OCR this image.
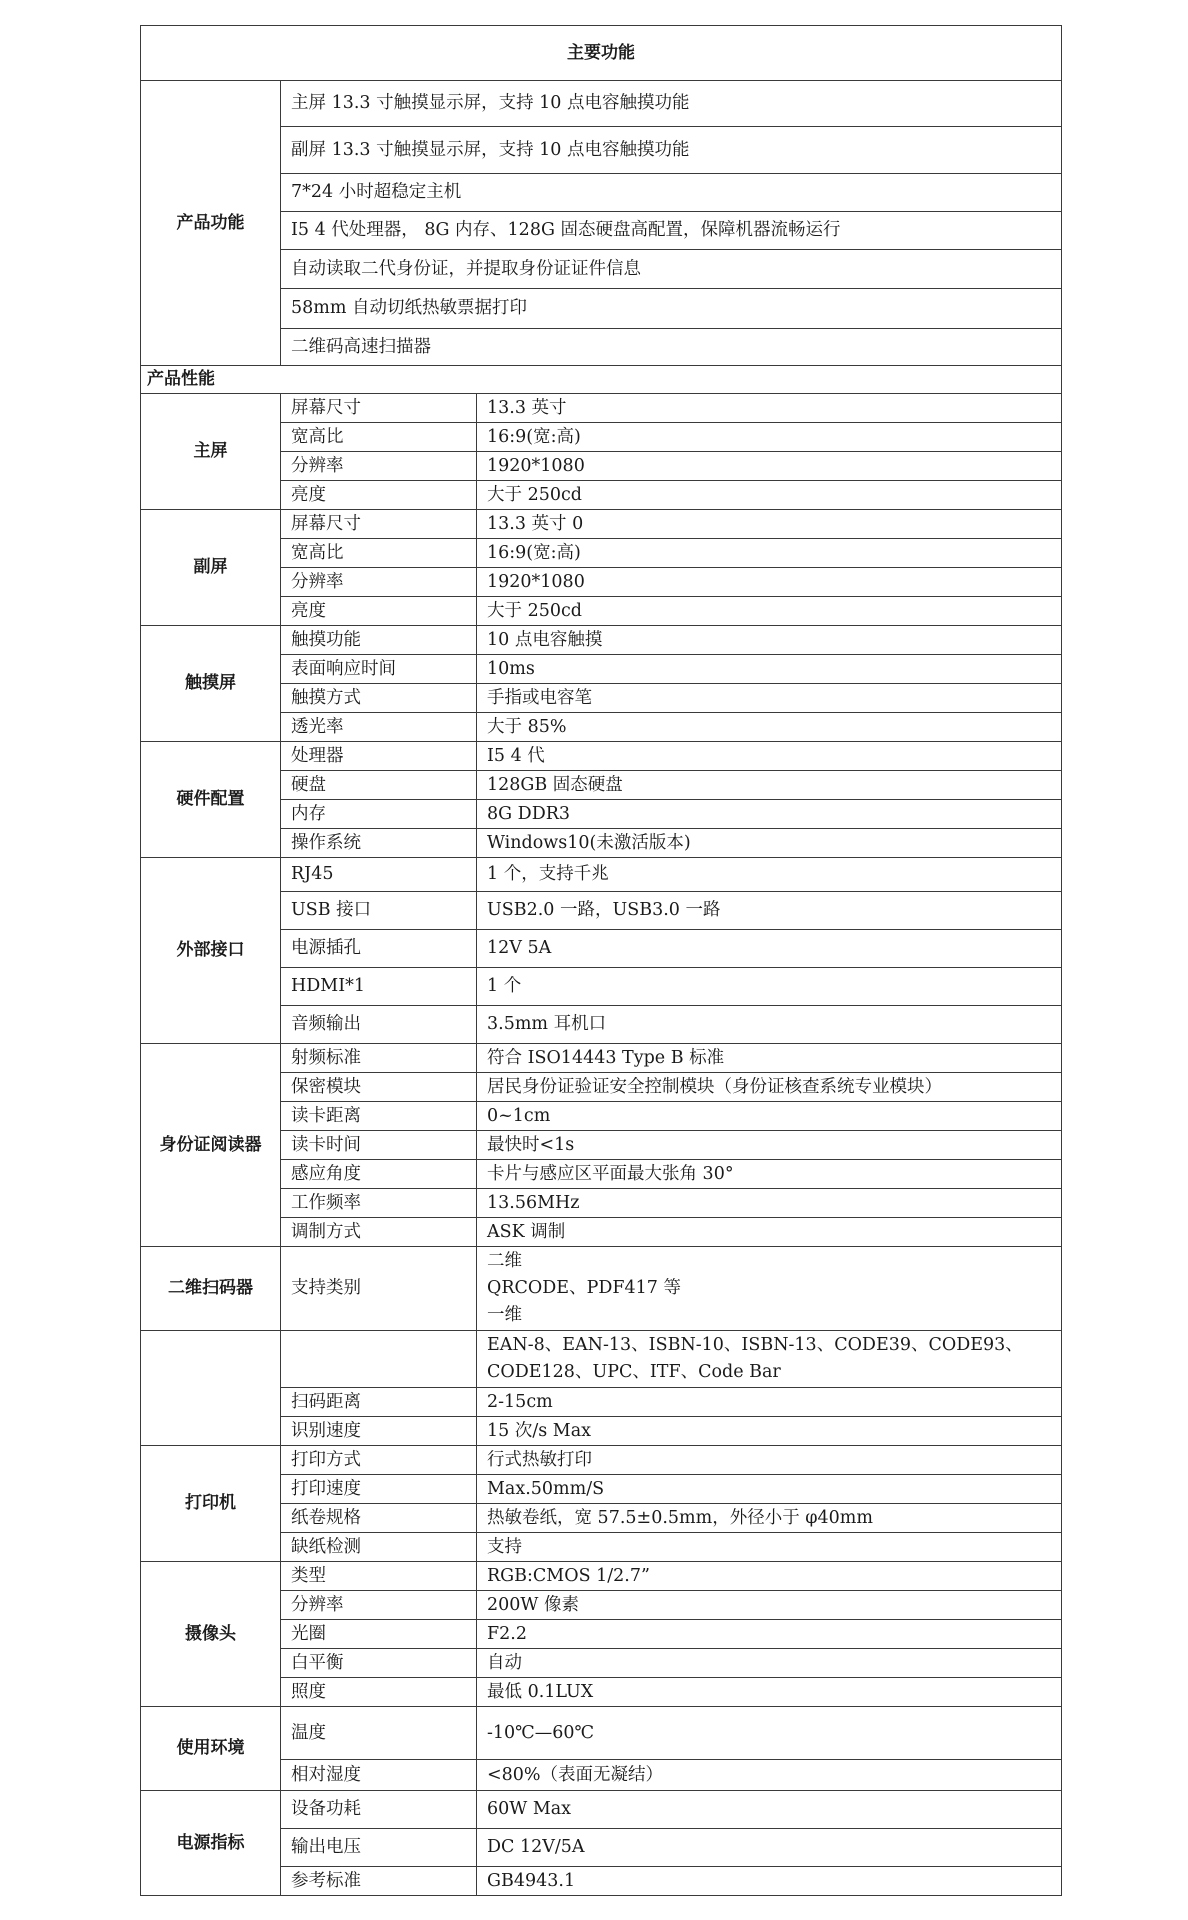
主要功能		
产品功能	主屏 13.3 寸触摸显示屏，支持 10 点电容触摸功能	
	副屏 13.3 寸触摸显示屏，支持 10 点电容触摸功能	
	7*24 小时超稳定主机	
	I5 4 代处理器， 8G 内存、128G 固态硬盘高配置，保障机器流畅运行	
	自动读取二代身份证，并提取身份证证件信息	
	58mm 自动切纸热敏票据打印	
	二维码高速扫描器	
产品性能		
主屏	屏幕尺寸	13.3 英寸
	宽高比	16:9(宽:高)
	分辨率	1920*1080
	亮度	大于 250cd
副屏	屏幕尺寸	13.3 英寸 0
	宽高比	16:9(宽:高)
	分辨率	1920*1080
	亮度	大于 250cd
触摸屏	触摸功能	10 点电容触摸
	表面响应时间	10ms
	触摸方式	手指或电容笔
	透光率	大于 85%
硬件配置	处理器	I5 4 代
	硬盘	128GB 固态硬盘
	内存	8G DDR3
	操作系统	Windows10(未激活版本)
外部接口	RJ45	1 个，支持千兆
	USB 接口	USB2.0 一路，USB3.0 一路
	电源插孔	12V 5A
	HDMI*1	1 个
	音频输出	3.5mm 耳机口
身份证阅读器	射频标准	符合 ISO14443 Type B 标准
	保密模块	居民身份证验证安全控制模块（身份证核查系统专业模块）
	读卡距离	0~1cm
	读卡时间	最快时<1s
	感应角度	卡片与感应区平面最大张角 30°
	工作频率	13.56MHz
	调制方式	ASK 调制
二维扫码器	支持类别	二维
QRCODE、PDF417 等
一维

		EAN-8、EAN-13、ISBN-10、ISBN-13、CODE39、CODE93、CODE128、UPC、ITF、Code Bar
	扫码距离	2-15cm
	识别速度	15 次/s Max
打印机	打印方式	行式热敏打印
	打印速度	Max.50mm/S
	纸卷规格	热敏卷纸，宽 57.5±0.5mm，外径小于 φ40mm
	缺纸检测	支持
摄像头	类型	RGB:CMOS 1/2.7”
	分辨率	200W 像素
	光圈	F2.2
	白平衡	自动
	照度	最低 0.1LUX
使用环境	温度	-10℃—60℃
	相对湿度	<80%（表面无凝结）
电源指标	设备功耗	60W Max
	输出电压	DC 12V/5A
	参考标准	GB4943.1
